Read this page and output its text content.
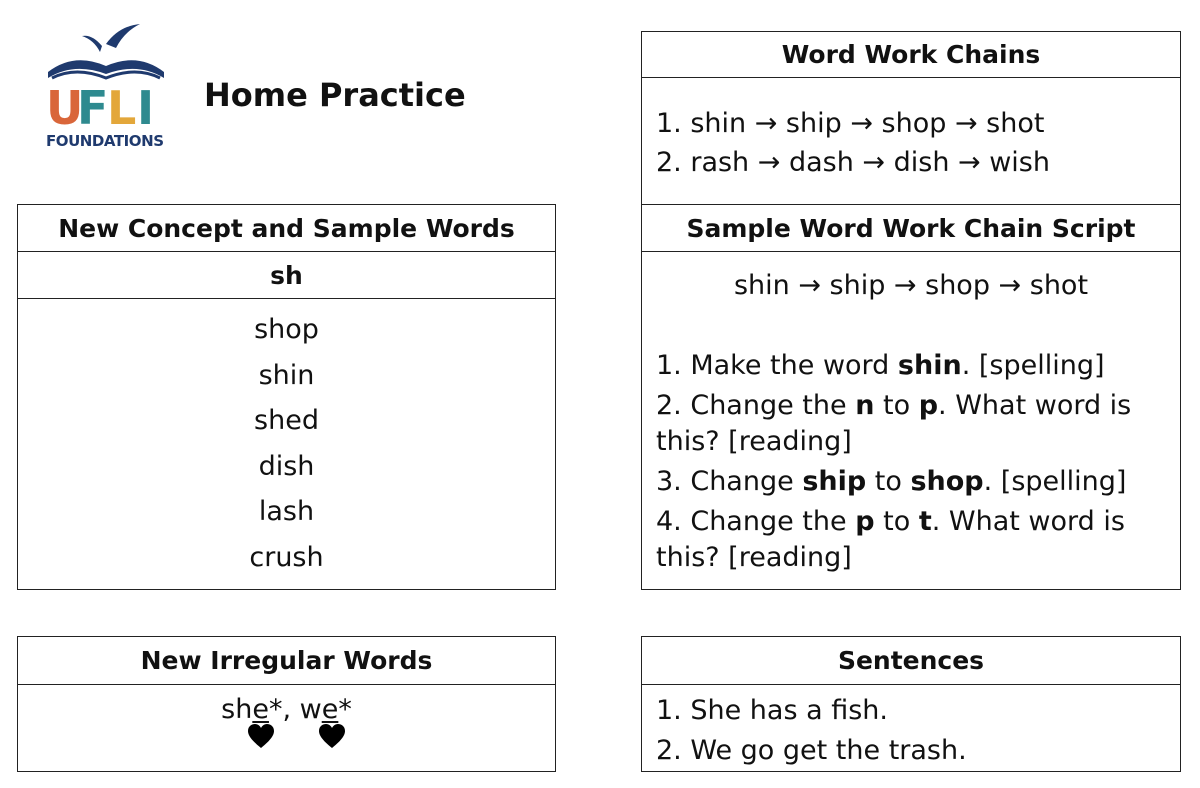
U
F
L I
FOUNDATIONS
Home Practice
Word Work Chains
1. shin → ship → shop → shot
2. rash → dash → dish → wish
New Concept and Sample Words
sh
shop
shin
shed
dish
lash
crush
Sample Word Work Chain Script
shin → ship → shop → shot
1. Make the word shin. [spelling]
2. Change the n to p. What word is this? [reading]
3. Change ship to shop. [spelling]
4. Change the p to t. What word is this? [reading]
New Irregular Words
she*, we*
Sentences
1. She has a fish.
2. We go get the trash.
